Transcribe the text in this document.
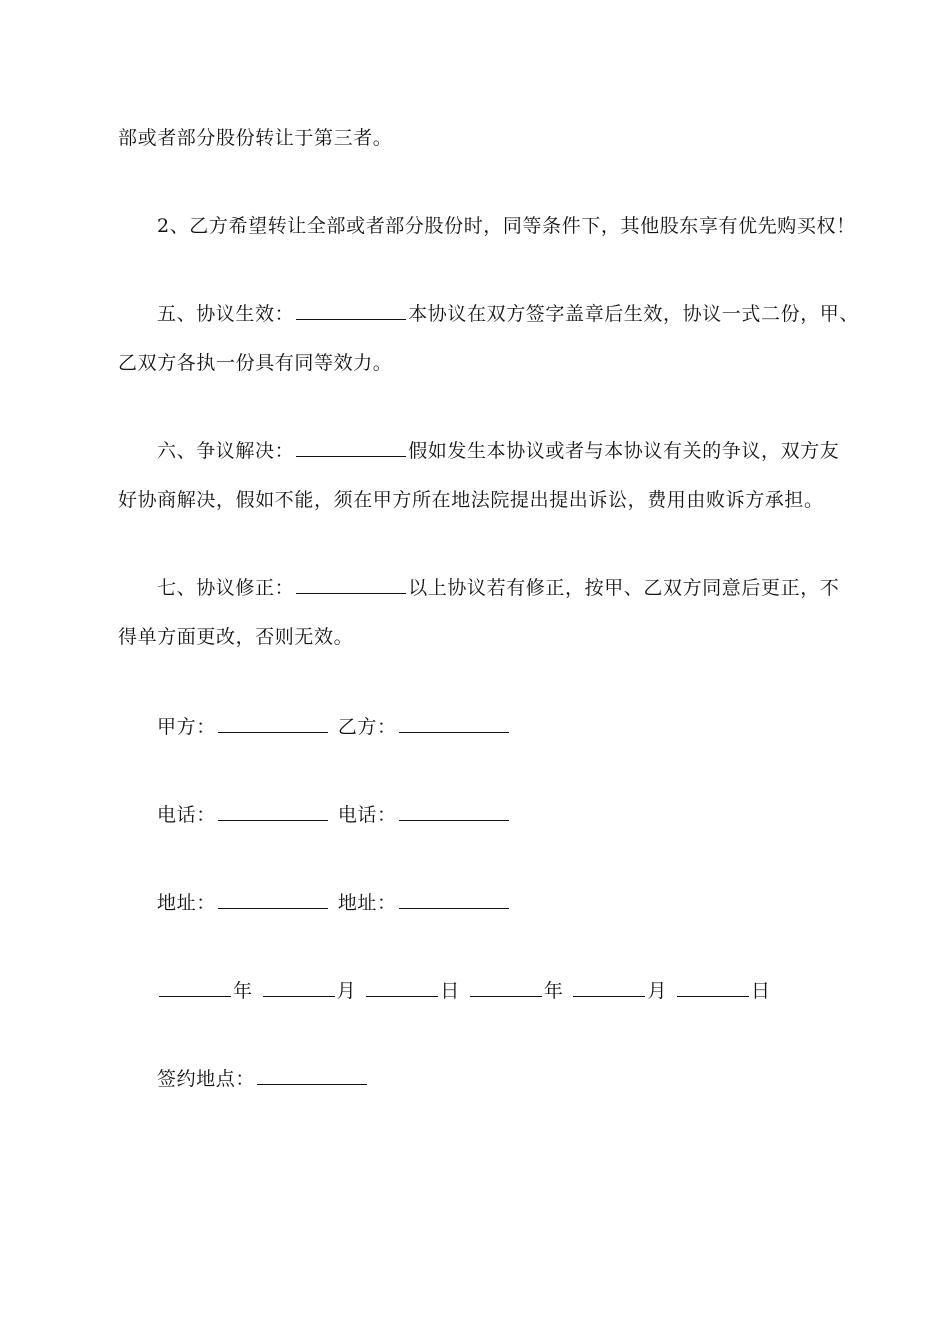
部或者部分股份转让于第三者。
2、乙方希望转让全部或者部分股份时，同等条件下，其他股东享有优先购买权！
五、协议生效：	本协议在双方签字盖章后生效，协议一式二份，甲、
乙双方各执一份具有同等效力。
六、争议解决：	假如发生本协议或者与本协议有关的争议，双方友
好协商解决，假如不能，须在甲方所在地法院提出提出诉讼，费用由败诉方承担。
七、协议修正：	以上协议若有修正，按甲、乙双方同意后更正，不
得单方面更改，否则无效。
甲方：	乙方：
电话：	电话：
地址：	地址：
年	月	日	年	月	日
签约地点：
